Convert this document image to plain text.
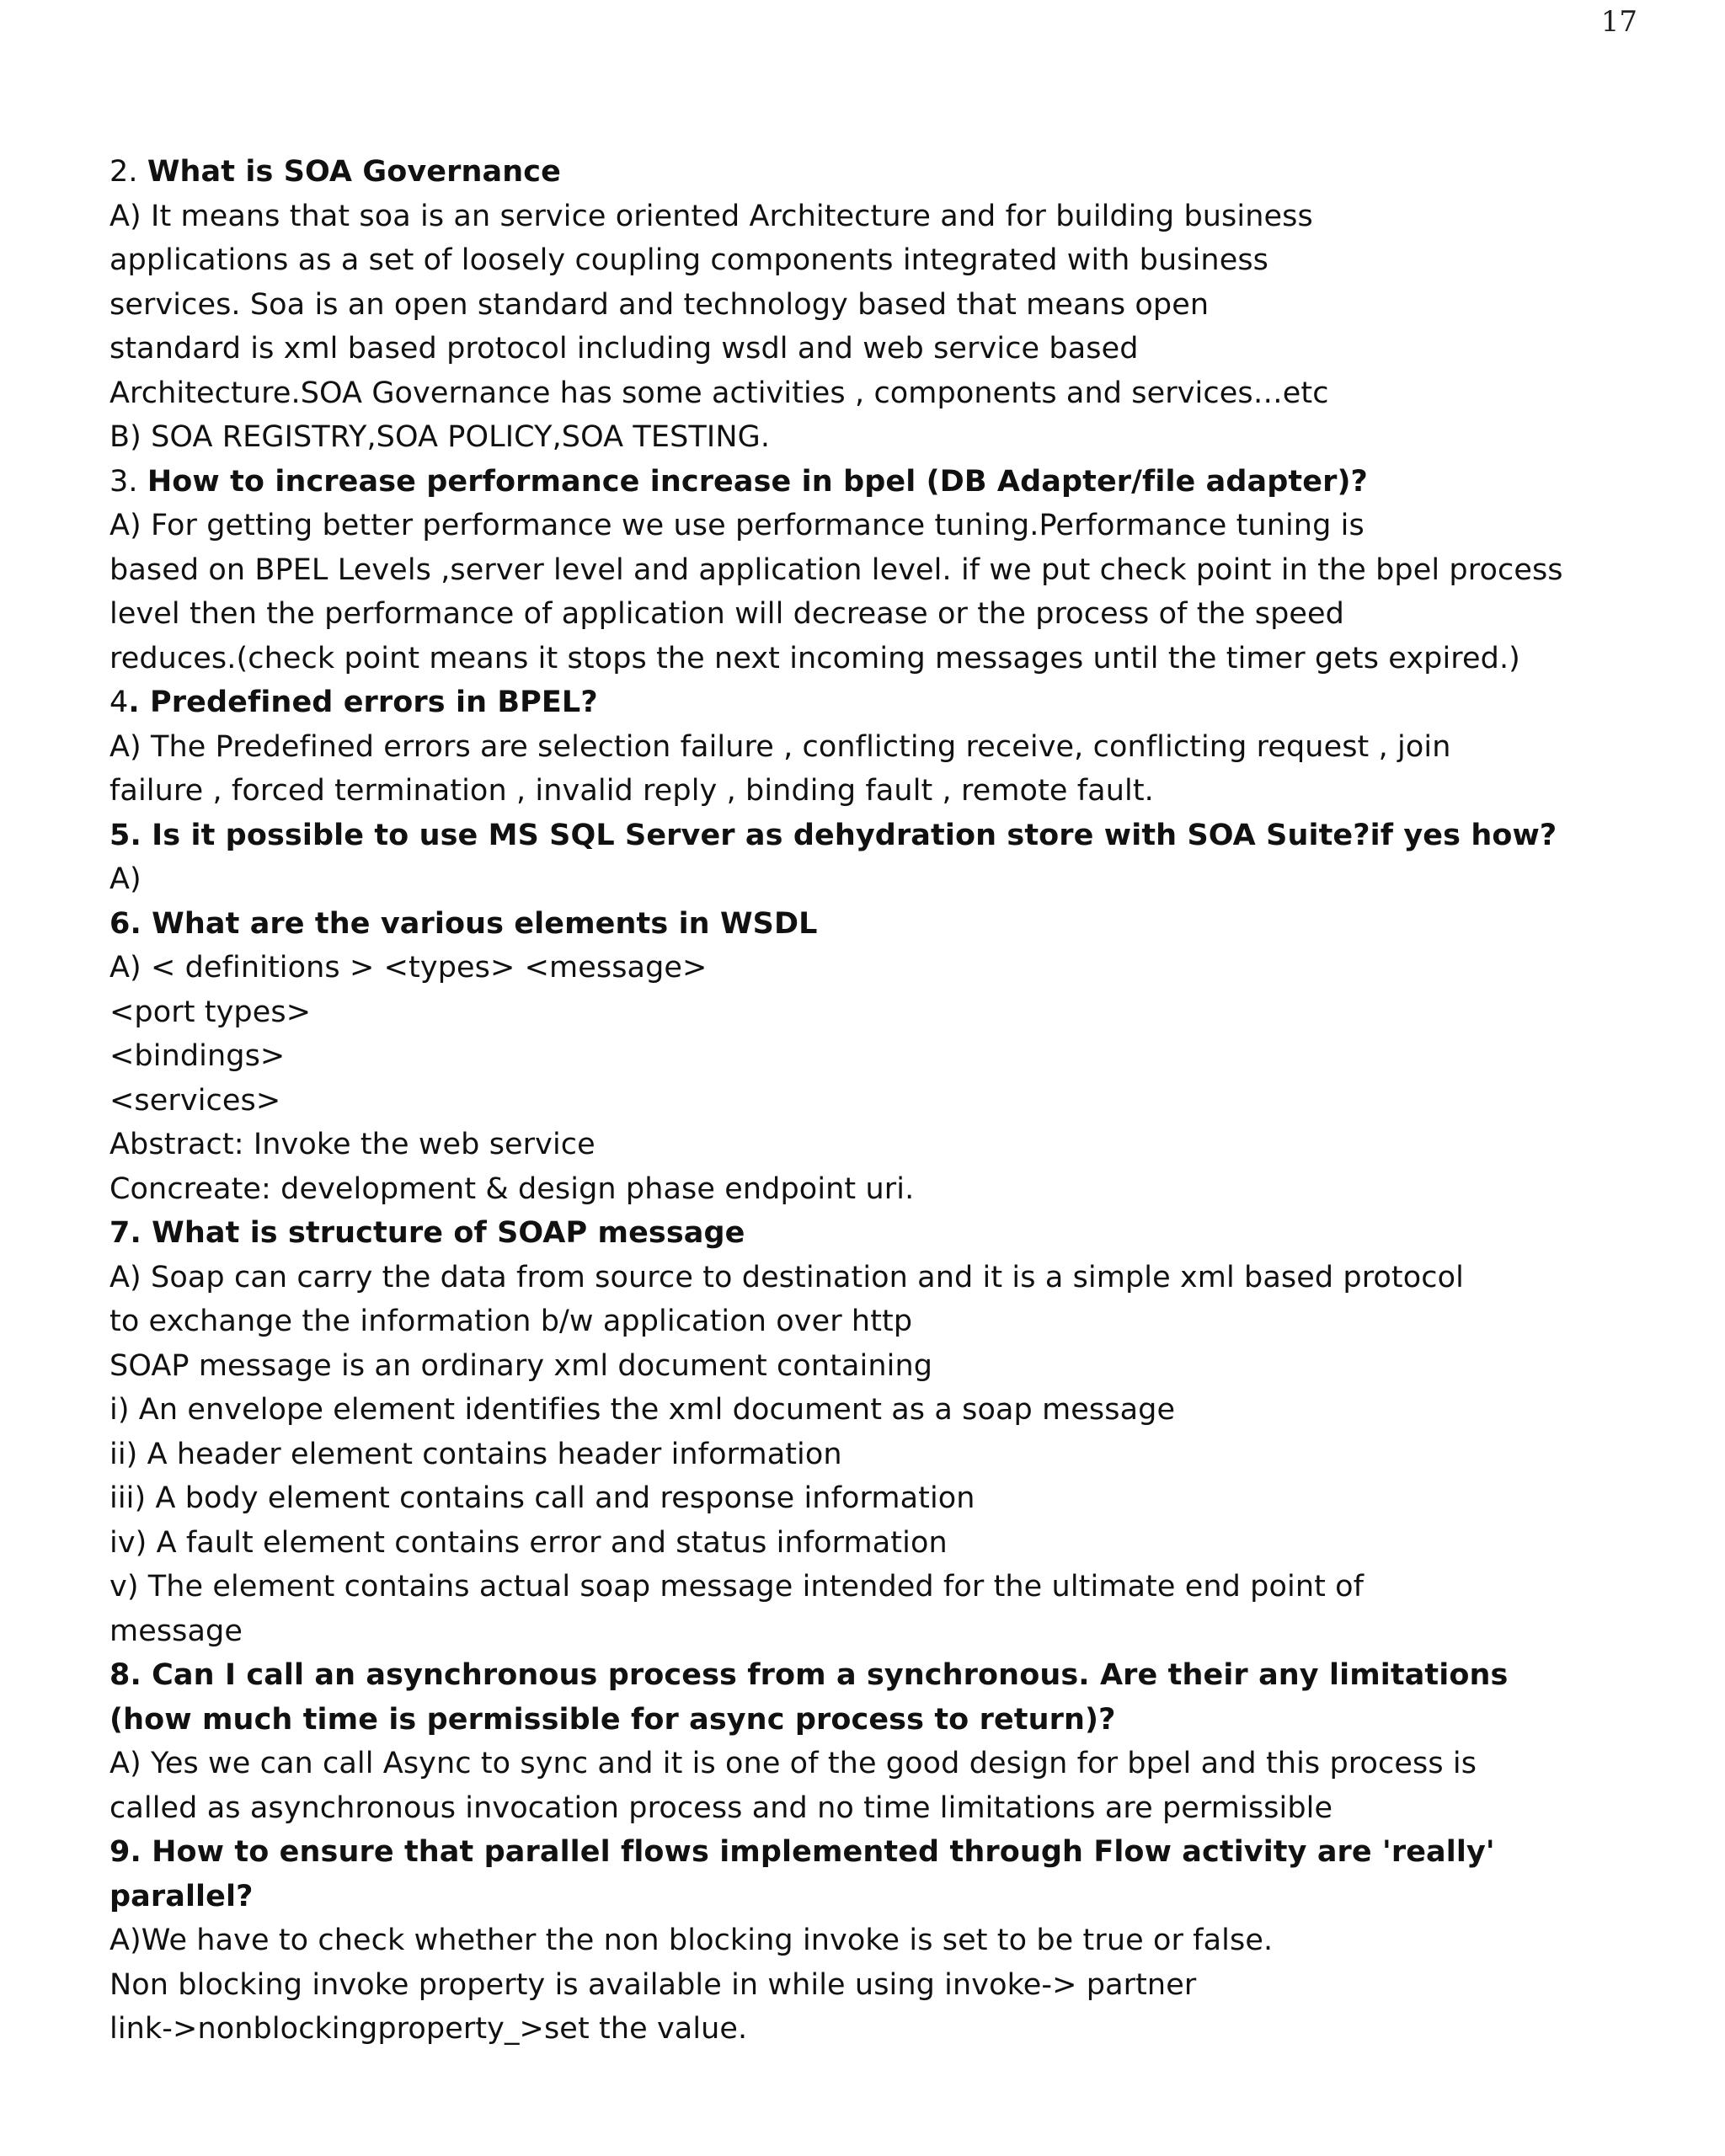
17
2. What is SOA Governance
A) It means that soa is an service oriented Architecture and for building business
applications as a set of loosely coupling components integrated with business
services. Soa is an open standard and technology based that means open
standard is xml based protocol including wsdl and web service based
Architecture.SOA Governance has some activities , components and services…etc
B) SOA REGISTRY,SOA POLICY,SOA TESTING.
3. How to increase performance increase in bpel (DB Adapter/file adapter)?
A) For getting better performance we use performance tuning.Performance tuning is
based on BPEL Levels ,server level and application level. if we put check point in the bpel process
level then the performance of application will decrease or the process of the speed
reduces.(check point means it stops the next incoming messages until the timer gets expired.)
4. Predefined errors in BPEL?
A) The Predefined errors are selection failure , conflicting receive, conflicting request , join
failure , forced termination , invalid reply , binding fault , remote fault.
5. Is it possible to use MS SQL Server as dehydration store with SOA Suite?if yes how?
A)
6. What are the various elements in WSDL
A) < definitions > <types> <message>
<port types>
<bindings>
<services>
Abstract: Invoke the web service
Concreate: development & design phase endpoint uri.
7. What is structure of SOAP message
A) Soap can carry the data from source to destination and it is a simple xml based protocol
to exchange the information b/w application over http
SOAP message is an ordinary xml document containing
i) An envelope element identifies the xml document as a soap message
ii) A header element contains header information
iii) A body element contains call and response information
iv) A fault element contains error and status information
v) The element contains actual soap message intended for the ultimate end point of
message
8. Can I call an asynchronous process from a synchronous. Are their any limitations
(how much time is permissible for async process to return)?
A) Yes we can call Async to sync and it is one of the good design for bpel and this process is
called as asynchronous invocation process and no time limitations are permissible
9. How to ensure that parallel flows implemented through Flow activity are 'really'
parallel?
A)We have to check whether the non blocking invoke is set to be true or false.
Non blocking invoke property is available in while using invoke-> partner
link->nonblockingproperty_>set the value.
